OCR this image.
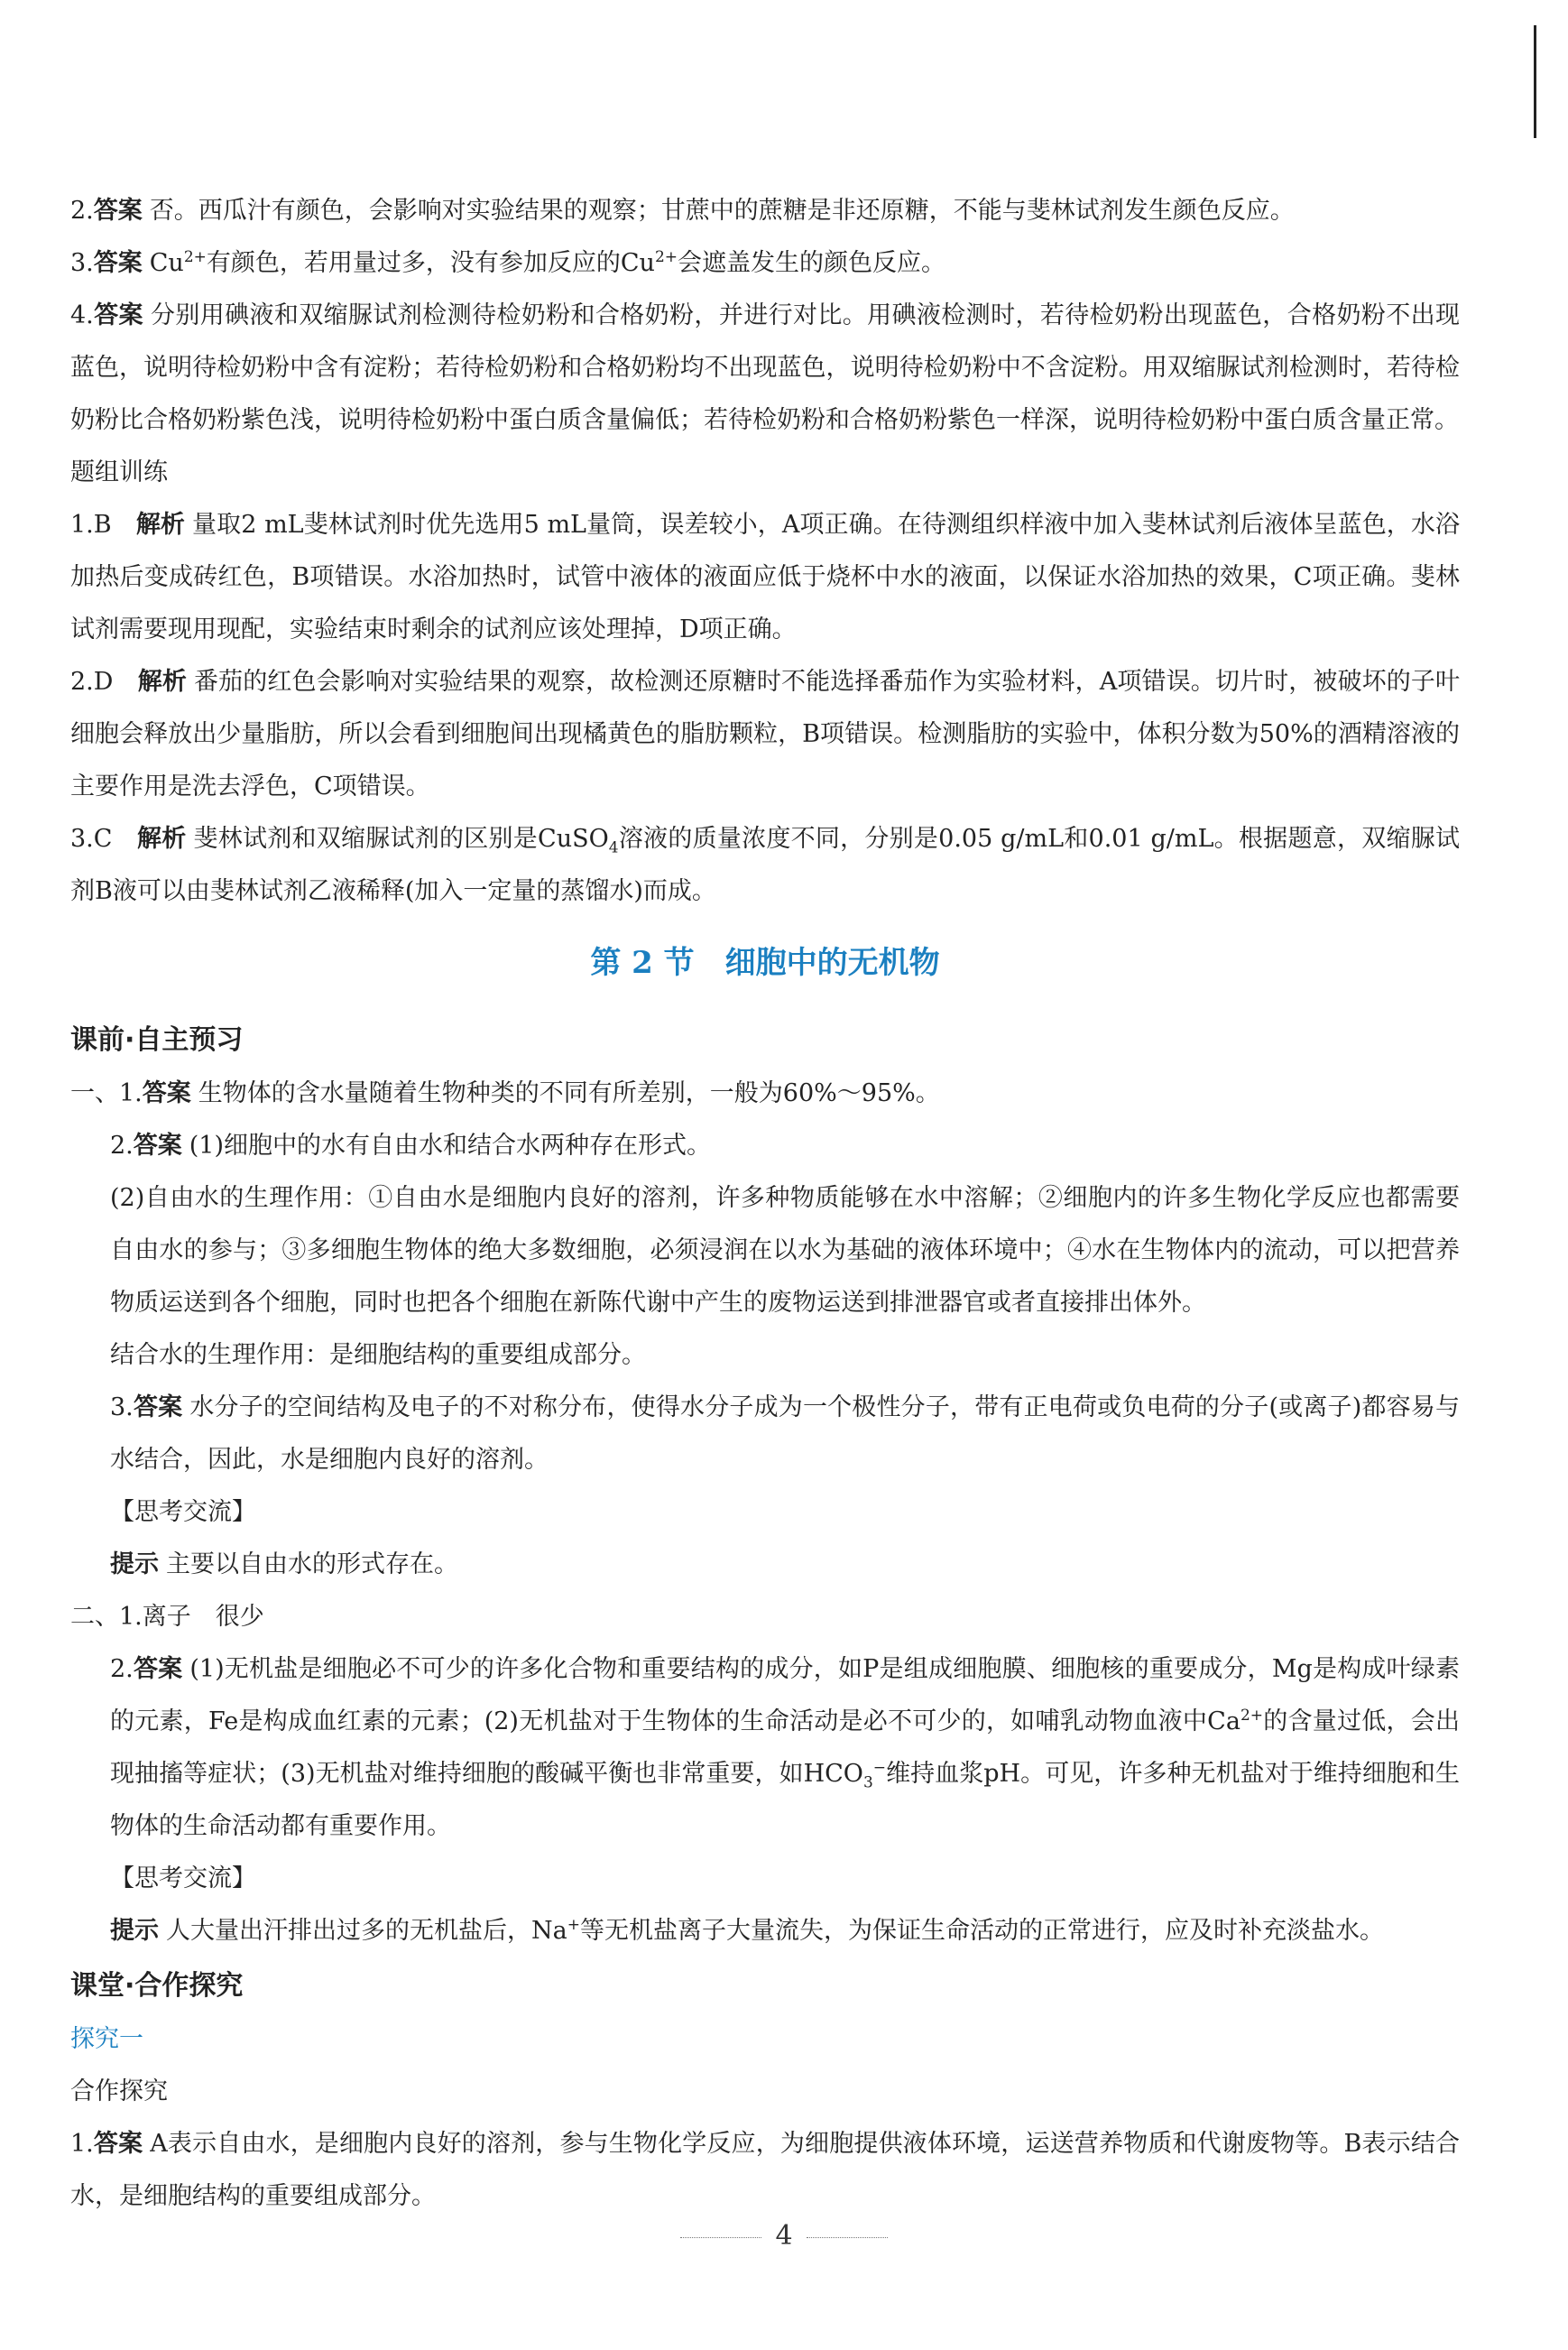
2.答案 否。西瓜汁有颜色，会影响对实验结果的观察；甘蔗中的蔗糖是非还原糖，不能与斐林试剂发生颜色反应。

3.答案 $Cu^{2+}$有颜色，若用量过多，没有参加反应的$Cu^{2+}$会遮盖发生的颜色反应。

4.答案 分别用碘液和双缩脲试剂检测待检奶粉和合格奶粉，并进行对比。用碘液检测时，若待检奶粉出现蓝色，合格奶粉不出现蓝色，说明待检奶粉中含有淀粉；若待检奶粉和合格奶粉均不出现蓝色，说明待检奶粉中不含淀粉。用双缩脲试剂检测时，若待检奶粉比合格奶粉紫色浅，说明待检奶粉中蛋白质含量偏低；若待检奶粉和合格奶粉紫色一样深，说明待检奶粉中蛋白质含量正常。

题组训练

1.B　 解析 量取2 mL斐林试剂时优先选用5 mL量筒，误差较小，A项正确。在待测组织样液中加入斐林试剂后液体呈蓝色，水浴加热后变成砖红色，B项错误。水浴加热时，试管中液体的液面应低于烧杯中水的液面，以保证水浴加热的效果，C项正确。斐林试剂需要现用现配，实验结束时剩余的试剂应该处理掉，D项正确。

2.D　 解析 番茄的红色会影响对实验结果的观察，故检测还原糖时不能选择番茄作为实验材料，A项错误。切片时，被破坏的子叶细胞会释放出少量脂肪，所以会看到细胞间出现橘黄色的脂肪颗粒，B项错误。检测脂肪的实验中，体积分数为50%的酒精溶液的主要作用是洗去浮色，C项错误。

3.C　 解析 斐林试剂和双缩脲试剂的区别是CuSO$_4$溶液的质量浓度不同，分别是0.05 g/mL和0.01 g/mL。根据题意，双缩脲试剂B液可以由斐林试剂乙液稀释(加入一定量的蒸馏水)而成。

第 2 节 细胞中的无机物

课前·自主预习

一、1.答案 生物体的含水量随着生物种类的不同有所差别，一般为60%～95%。

2.答案 (1)细胞中的水有自由水和结合水两种存在形式。

(2)自由水的生理作用：①自由水是细胞内良好的溶剂，许多种物质能够在水中溶解；②细胞内的许多生物化学反应也都需要自由水的参与；③多细胞生物体的绝大多数细胞，必须浸润在以水为基础的液体环境中；④水在生物体内的流动，可以把营养物质运送到各个细胞，同时也把各个细胞在新陈代谢中产生的废物运送到排泄器官或者直接排出体外。

结合水的生理作用：是细胞结构的重要组成部分。

3.答案 水分子的空间结构及电子的不对称分布，使得水分子成为一个极性分子，带有正电荷或负电荷的分子(或离子)都容易与水结合，因此，水是细胞内良好的溶剂。

【思考交流】

提示 主要以自由水的形式存在。

二、1.离子　很少

2.答案 (1)无机盐是细胞必不可少的许多化合物和重要结构的成分，如P是组成细胞膜、细胞核的重要成分，Mg是构成叶绿素的元素，Fe是构成血红素的元素；(2)无机盐对于生物体的生命活动是必不可少的，如哺乳动物血液中$Ca^{2+}$的含量过低，会出现抽搐等症状；(3)无机盐对维持细胞的酸碱平衡也非常重要，如$HCO_3^-$维持血浆pH。可见，许多种无机盐对于维持细胞和生物体的生命活动都有重要作用。

【思考交流】

提示 人大量出汗排出过多的无机盐后，Na+等无机盐离子大量流失，为保证生命活动的正常进行，应及时补充淡盐水。

课堂·合作探究

探究一

合作探究

1.答案 A表示自由水，是细胞内良好的溶剂，参与生物化学反应，为细胞提供液体环境，运送营养物质和代谢废物等。B表示结合水，是细胞结构的重要组成部分。

4
